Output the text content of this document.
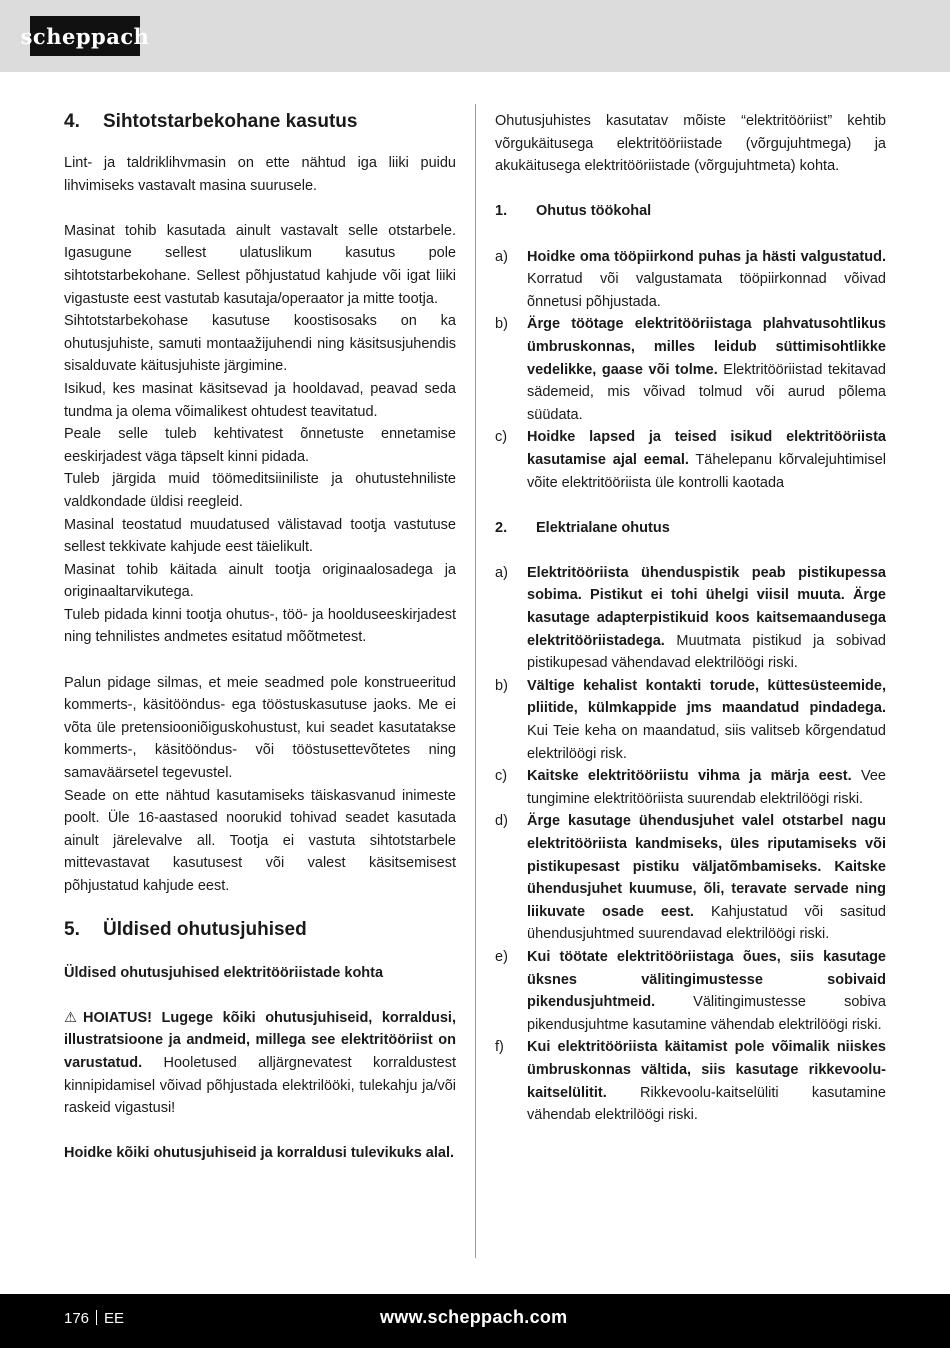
scheppach
4.	Sihtotstarbekohane kasutus

Lint- ja taldriklihvmasin on ette nähtud iga liiki puidu lihvimiseks vastavalt masina suurusele.

Masinat tohib kasutada ainult vastavalt selle otstarbele. Igasugune sellest ulatuslikum kasutus pole sihtotstarbekohane. Sellest põhjustatud kahjude või igat liiki vigastuste eest vastutab kasutaja/operaator ja mitte tootja.

Sihtotstarbekohase kasutuse koostisosaks on ka ohutusjuhiste, samuti montaažijuhendi ning käsitsusjuhendis sisalduvate käitusjuhiste järgimine.

Isikud, kes masinat käsitsevad ja hooldavad, peavad seda tundma ja olema võimalikest ohtudest teavitatud.

Peale selle tuleb kehtivatest õnnetuste ennetamise eeskirjadest väga täpselt kinni pidada.

Tuleb järgida muid töömeditsiiniliste ja ohutustehniliste valdkondade üldisi reegleid.

Masinal teostatud muudatused välistavad tootja vastutuse sellest tekkivate kahjude eest täielikult.

Masinat tohib käitada ainult tootja originaalosadega ja originaaltarvikutega.

Tuleb pidada kinni tootja ohutus-, töö- ja hoolduseeskirjadest ning tehnilistes andmetes esitatud mõõtmetest.

Palun pidage silmas, et meie seadmed pole konstrueeritud kommerts-, käsitööndus- ega tööstuskasutuse jaoks. Me ei võta üle pretensiooniõiguskohustust, kui seadet kasutatakse kommerts-, käsitööndus- või tööstusettevõtetes ning samaväärsetel tegevustel.

Seade on ette nähtud kasutamiseks täiskasvanud inimeste poolt. Üle 16-aastased noorukid tohivad seadet kasutada ainult järelevalve all. Tootja ei vastuta sihtotstarbele mittevastavat kasutusest või valest käsitsemisest põhjustatud kahjude eest.

5.	Üldised ohutusjuhised

Üldised ohutusjuhised elektritööriistade kohta

⚠ HOIATUS! Lugege kõiki ohutusjuhiseid, korraldusi, illustratsioone ja andmeid, millega see elektritööriist on varustatud. Hooletused alljärgnevatest korraldustest kinnipidamisel võivad põhjustada elektrilööki, tulekahju ja/või raskeid vigastusi!

Hoidke kõiki ohutusjuhiseid ja korraldusi tulevikuks alal.

Ohutusjuhistes kasutatav mõiste “elektritööriist” kehtib võrgukäitusega elektritööriistade (võrgujuhtmega) ja akukäitusega elektritööriistade (võrgujuhtmeta) kohta.

1.	Ohutus töökohal
a)	Hoidke oma tööpiirkond puhas ja hästi valgustatud. Korratud või valgustamata tööpiirkonnad võivad õnnetusi põhjustada.
b)	Ärge töötage elektritööriistaga plahvatusohtlikus ümbruskonnas, milles leidub süttimisohtlikke vedelikke, gaase või tolme. Elektritööriistad tekitavad sädemeid, mis võivad tolmud või aurud põlema süüdata.
c)	Hoidke lapsed ja teised isikud elektritööriista kasutamise ajal eemal. Tähelepanu kõrvalejuhtimisel võite elektritööriista üle kontrolli kaotada
2.	Elektrialane ohutus
a)	Elektritööriista ühenduspistik peab pistikupessa sobima. Pistikut ei tohi ühelgi viisil muuta. Ärge kasutage adapterpistikuid koos kaitsemaandusega elektritööriistadega. Muutmata pistikud ja sobivad pistikupesad vähendavad elektrilöögi riski.
b)	Vältige kehalist kontakti torude, küttesüsteemide, pliitide, külmkappide jms maandatud pindadega. Kui Teie keha on maandatud, siis valitseb kõrgendatud elektrilöögi risk.
c)	Kaitske elektritööriistu vihma ja märja eest. Vee tungimine elektritööriista suurendab elektrilöögi riski.
d)	Ärge kasutage ühendusjuhet valel otstarbel nagu elektritööriista kandmiseks, üles riputamiseks või pistikupesast pistiku väljatõmbamiseks. Kaitske ühendusjuhet kuumuse, õli, teravate servade ning liikuvate osade eest. Kahjustatud või sasitud ühendusjuhtmed suurendavad elektrilöögi riski.
e)	Kui töötate elektritööriistaga õues, siis kasutage üksnes välitingimustesse sobivaid pikendusjuhtmeid. Välitingimustesse sobiva pikendusjuhtme kasutamine vähendab elektrilöögi riski.
f)	Kui elektritööriista käitamist pole võimalik niiskes ümbruskonnas vältida, siis kasutage rikkevoolu-kaitselülitit. Rikkevoolu-kaitselüliti kasutamine vähendab elektrilöögi riski.
176 EE	www.scheppach.com
